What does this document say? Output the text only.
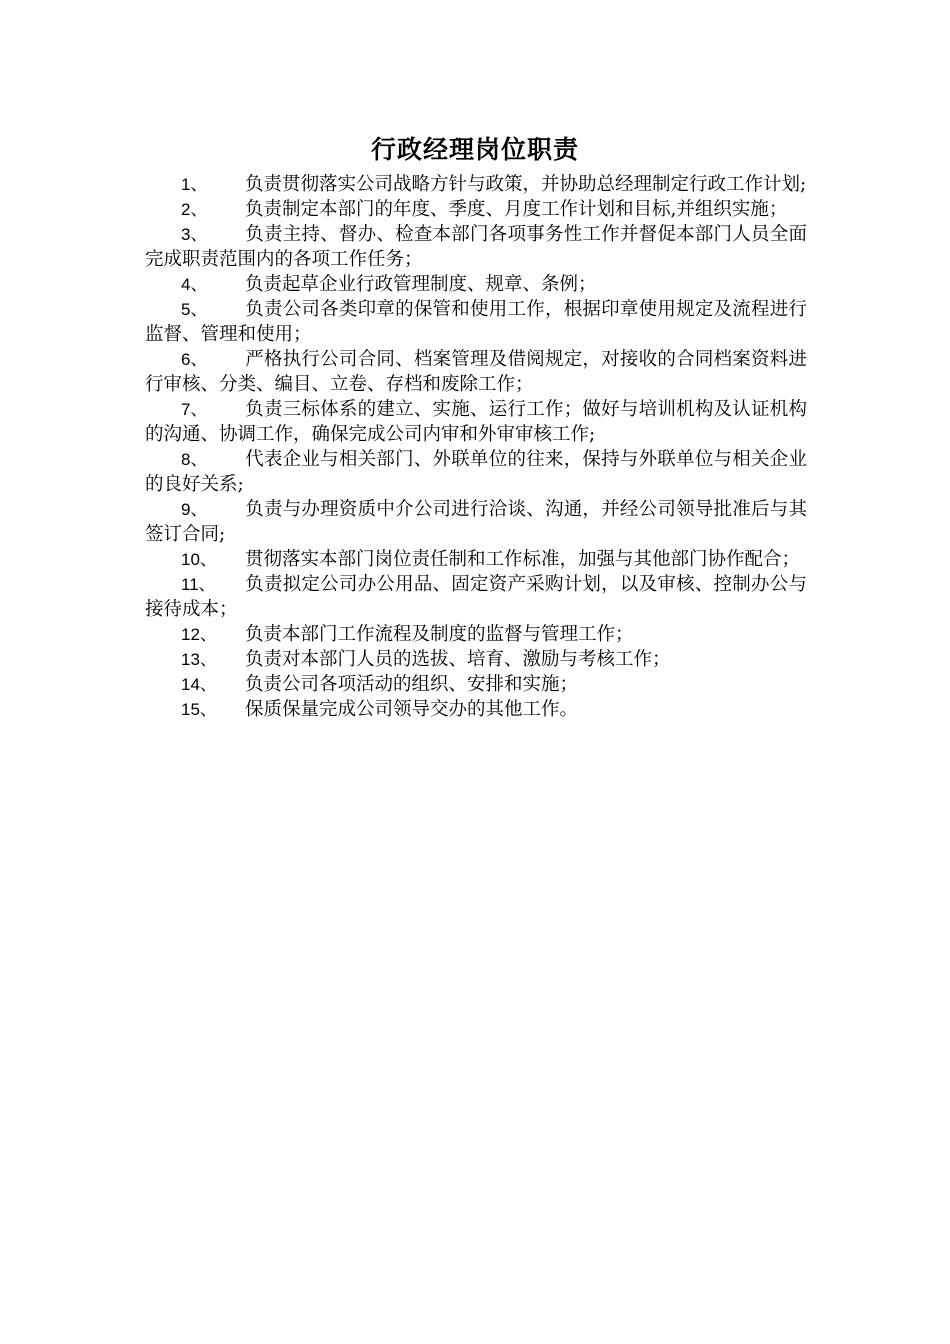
行政经理岗位职责
1、 负责贯彻落实公司战略方针与政策，并协助总经理制定行政工作计划;
2、 负责制定本部门的年度、季度、月度工作计划和目标,并组织实施；
3、 负责主持、督办、检查本部门各项事务性工作并督促本部门人员全面完成职责范围内的各项工作任务；
4、 负责起草企业行政管理制度、规章、条例；
5、 负责公司各类印章的保管和使用工作，根据印章使用规定及流程进行监督、管理和使用；
6、 严格执行公司合同、档案管理及借阅规定，对接收的合同档案资料进行审核、分类、编目、立卷、存档和废除工作；
7、 负责三标体系的建立、实施、运行工作；做好与培训机构及认证机构的沟通、协调工作，确保完成公司内审和外审审核工作;
8、 代表企业与相关部门、外联单位的往来，保持与外联单位与相关企业的良好关系;
9、 负责与办理资质中介公司进行洽谈、沟通，并经公司领导批准后与其签订合同;
10、 贯彻落实本部门岗位责任制和工作标准，加强与其他部门协作配合；
11、 负责拟定公司办公用品、固定资产采购计划，以及审核、控制办公与接待成本；
12、 负责本部门工作流程及制度的监督与管理工作；
13、 负责对本部门人员的选拔、培育、激励与考核工作；
14、 负责公司各项活动的组织、安排和实施；
15、 保质保量完成公司领导交办的其他工作。
